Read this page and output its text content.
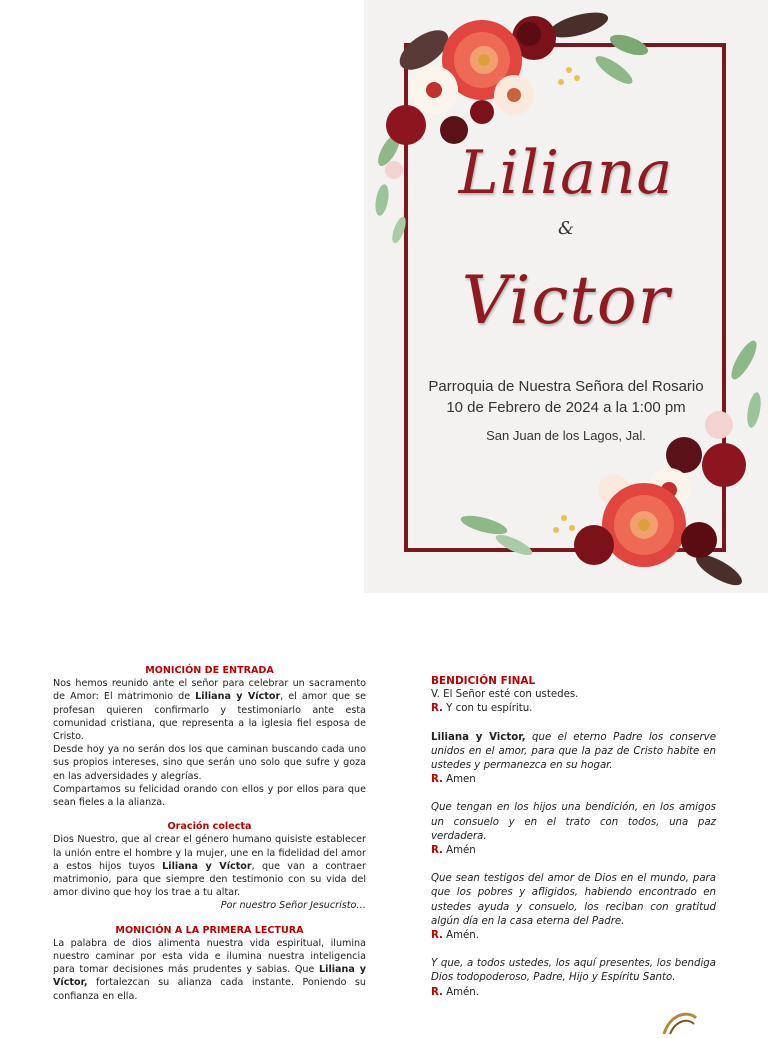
Liliana
&
Victor
Parroquia de Nuestra Señora del Rosario
10 de Febrero de 2024 a la 1:00 pm
San Juan de los Lagos, Jal.

MONICIÓN DE ENTRADA

Nos hemos reunido ante el señor para celebrar un sacramento de Amor: El matrimonio de Liliana y Víctor, el amor que se profesan quieren confirmarlo y testimoniarlo ante esta comunidad cristiana, que representa a la iglesia fiel esposa de Cristo.

Desde hoy ya no serán dos los que caminan buscando cada uno sus propios intereses, sino que serán uno solo que sufre y goza en las adversidades y alegrías.

Compartamos su felicidad orando con ellos y por ellos para que sean fieles a la alianza.

Oración colecta

Dios Nuestro, que al crear el género humano quisiste establecer la unión entre el hombre y la mujer, une en la fidelidad del amor a estos hijos tuyos Liliana y Víctor, que van a contraer matrimonio, para que siempre den testimonio con su vida del amor divino que hoy los trae a tu altar.

Por nuestro Señor Jesucristo…

MONICIÓN A LA PRIMERA LECTURA

La palabra de dios alimenta nuestra vida espiritual, ilumina nuestro caminar por esta vida e ilumina nuestra inteligencia para tomar decisiones más prudentes y sabias. Que Liliana y Víctor, fortalezcan su alianza cada instante. Poniendo su confianza en ella.

BENDICIÓN FINAL

V. El Señor esté con ustedes.

R. Y con tu espíritu.

Liliana y Victor, que el eterno Padre los conserve unidos en el amor, para que la paz de Cristo habite en ustedes y permanezca en su hogar.

R. Amen

Que tengan en los hijos una bendición, en los amigos un consuelo y en el trato con todos, una paz verdadera.

R. Amén

Que sean testigos del amor de Dios en el mundo, para que los pobres y afligidos, habiendo encontrado en ustedes ayuda y consuelo, los reciban con gratitud algún día en la casa eterna del Padre.

R. Amén.

Y que, a todos ustedes, los aquí presentes, los bendiga Dios todopoderoso, Padre, Hijo y Espíritu Santo.

R. Amén.
